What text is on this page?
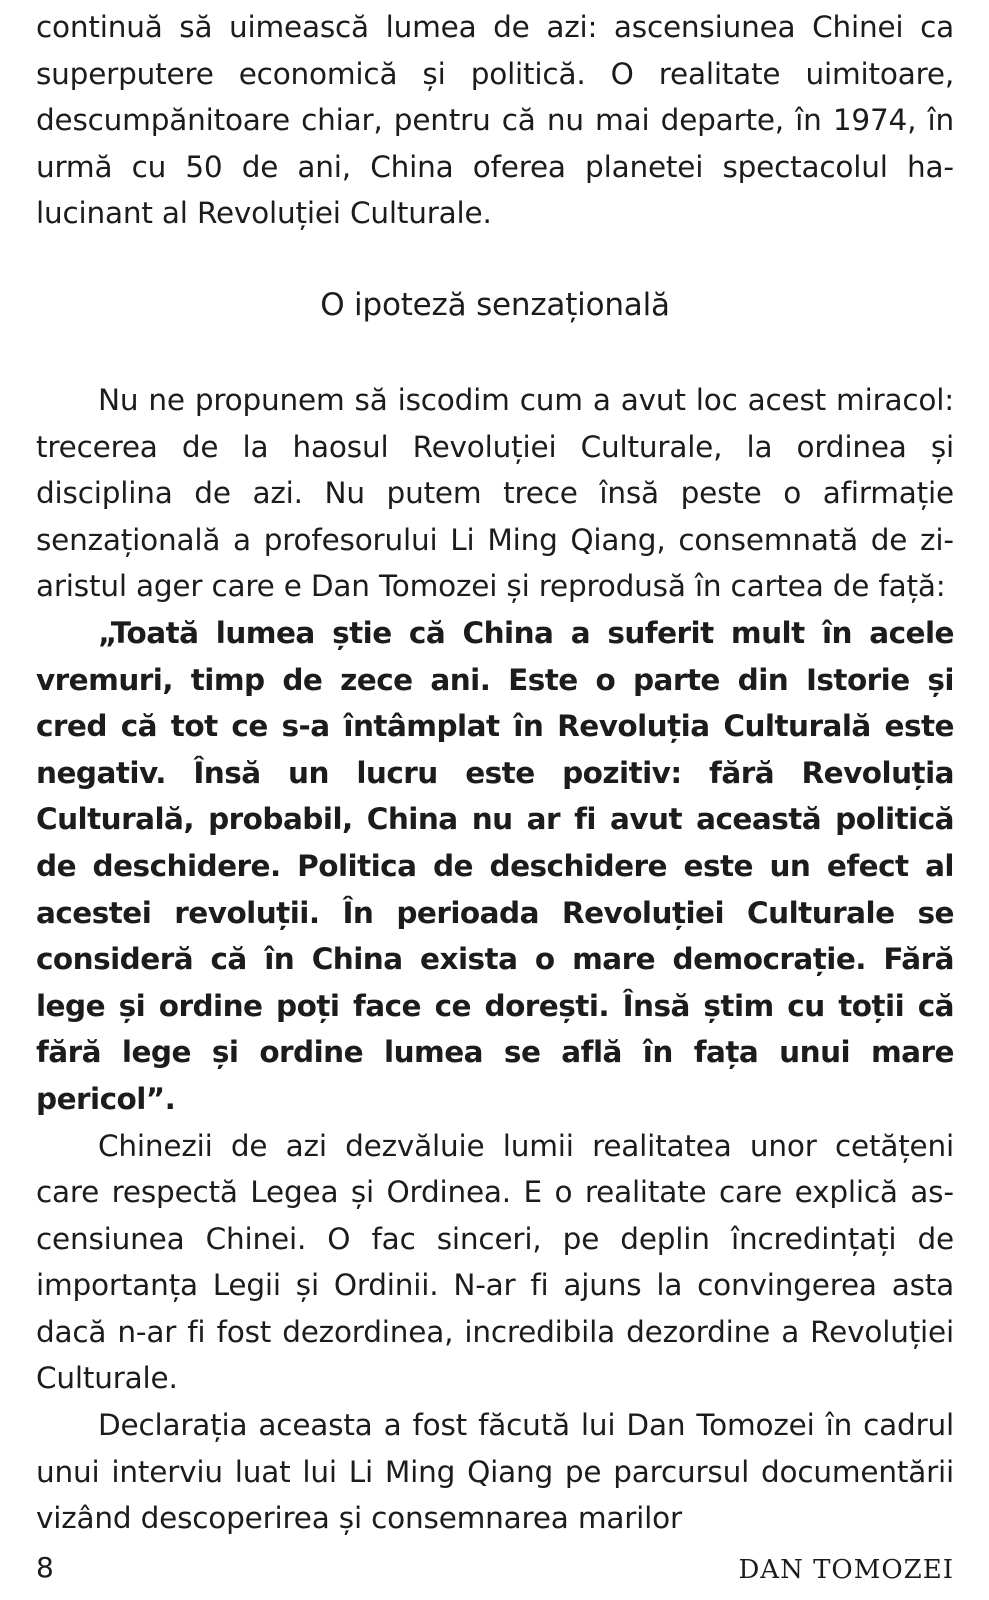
continuă să uimească lumea de azi: ascensiunea Chinei ca superputere economică și politică. O realitate uimitoare, descumpănitoare chiar, pentru că nu mai departe, în 1974, în urmă cu 50 de ani, China oferea planetei spectacolul halucinant al Revoluției Culturale.

O ipoteză senzațională

Nu ne propunem să iscodim cum a avut loc acest miracol: trecerea de la haosul Revoluției Culturale, la ordinea și disciplina de azi. Nu putem trece însă peste o afirmație senzațională a profesorului Li Ming Qiang, consemnată de ziaristul ager care e Dan Tomozei și reprodusă în cartea de față:

„Toată lumea știe că China a suferit mult în acele vremuri, timp de zece ani. Este o parte din Istorie și cred că tot ce s-a întâmplat în Revoluția Culturală este negativ. Însă un lucru este pozitiv: fără Revoluția Culturală, probabil, China nu ar fi avut această politică de deschidere. Politica de deschidere este un efect al acestei revoluții. În perioada Revoluției Culturale se consideră că în China exista o mare democrație. Fără lege și ordine poți face ce dorești. Însă știm cu toții că fără lege și ordine lumea se află în fața unui mare pericol”.

Chinezii de azi dezvăluie lumii realitatea unor cetățeni care respectă Legea și Ordinea. E o realitate care explică ascensiunea Chinei. O fac sinceri, pe deplin încredințați de importanța Legii și Ordinii. N-ar fi ajuns la convingerea asta dacă n-ar fi fost dezordinea, incredibila dezordine a Revoluției Culturale.

Declarația aceasta a fost făcută lui Dan Tomozei în cadrul unui interviu luat lui Li Ming Qiang pe parcursul documentării vizând descoperirea și consemnarea marilor

8	DAN TOMOZEI
